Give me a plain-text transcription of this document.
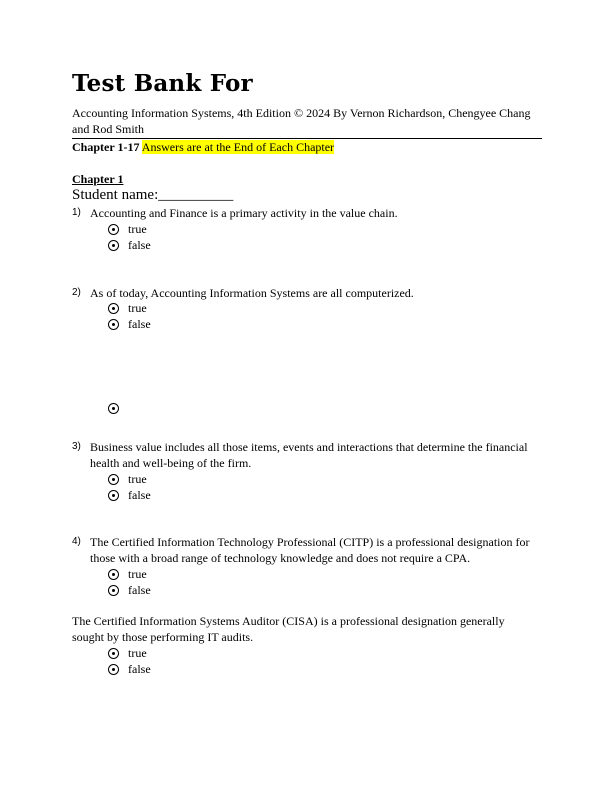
Test Bank For

Accounting Information Systems, 4th Edition © 2024 By Vernon Richardson, Chengyee Chang and Rod Smith

Chapter 1-17 Answers are at the End of Each Chapter
Chapter 1
Student name:__________
1) Accounting and Finance is a primary activity in the value chain.
true
false
2) As of today, Accounting Information Systems are all computerized.
true
false
3) Business value includes all those items, events and interactions that determine the financial health and well-being of the firm.
true
false
4) The Certified Information Technology Professional (CITP) is a professional designation for those with a broad range of technology knowledge and does not require a CPA.
true
false
The Certified Information Systems Auditor (CISA) is a professional designation generally sought by those performing IT audits.
true
false
